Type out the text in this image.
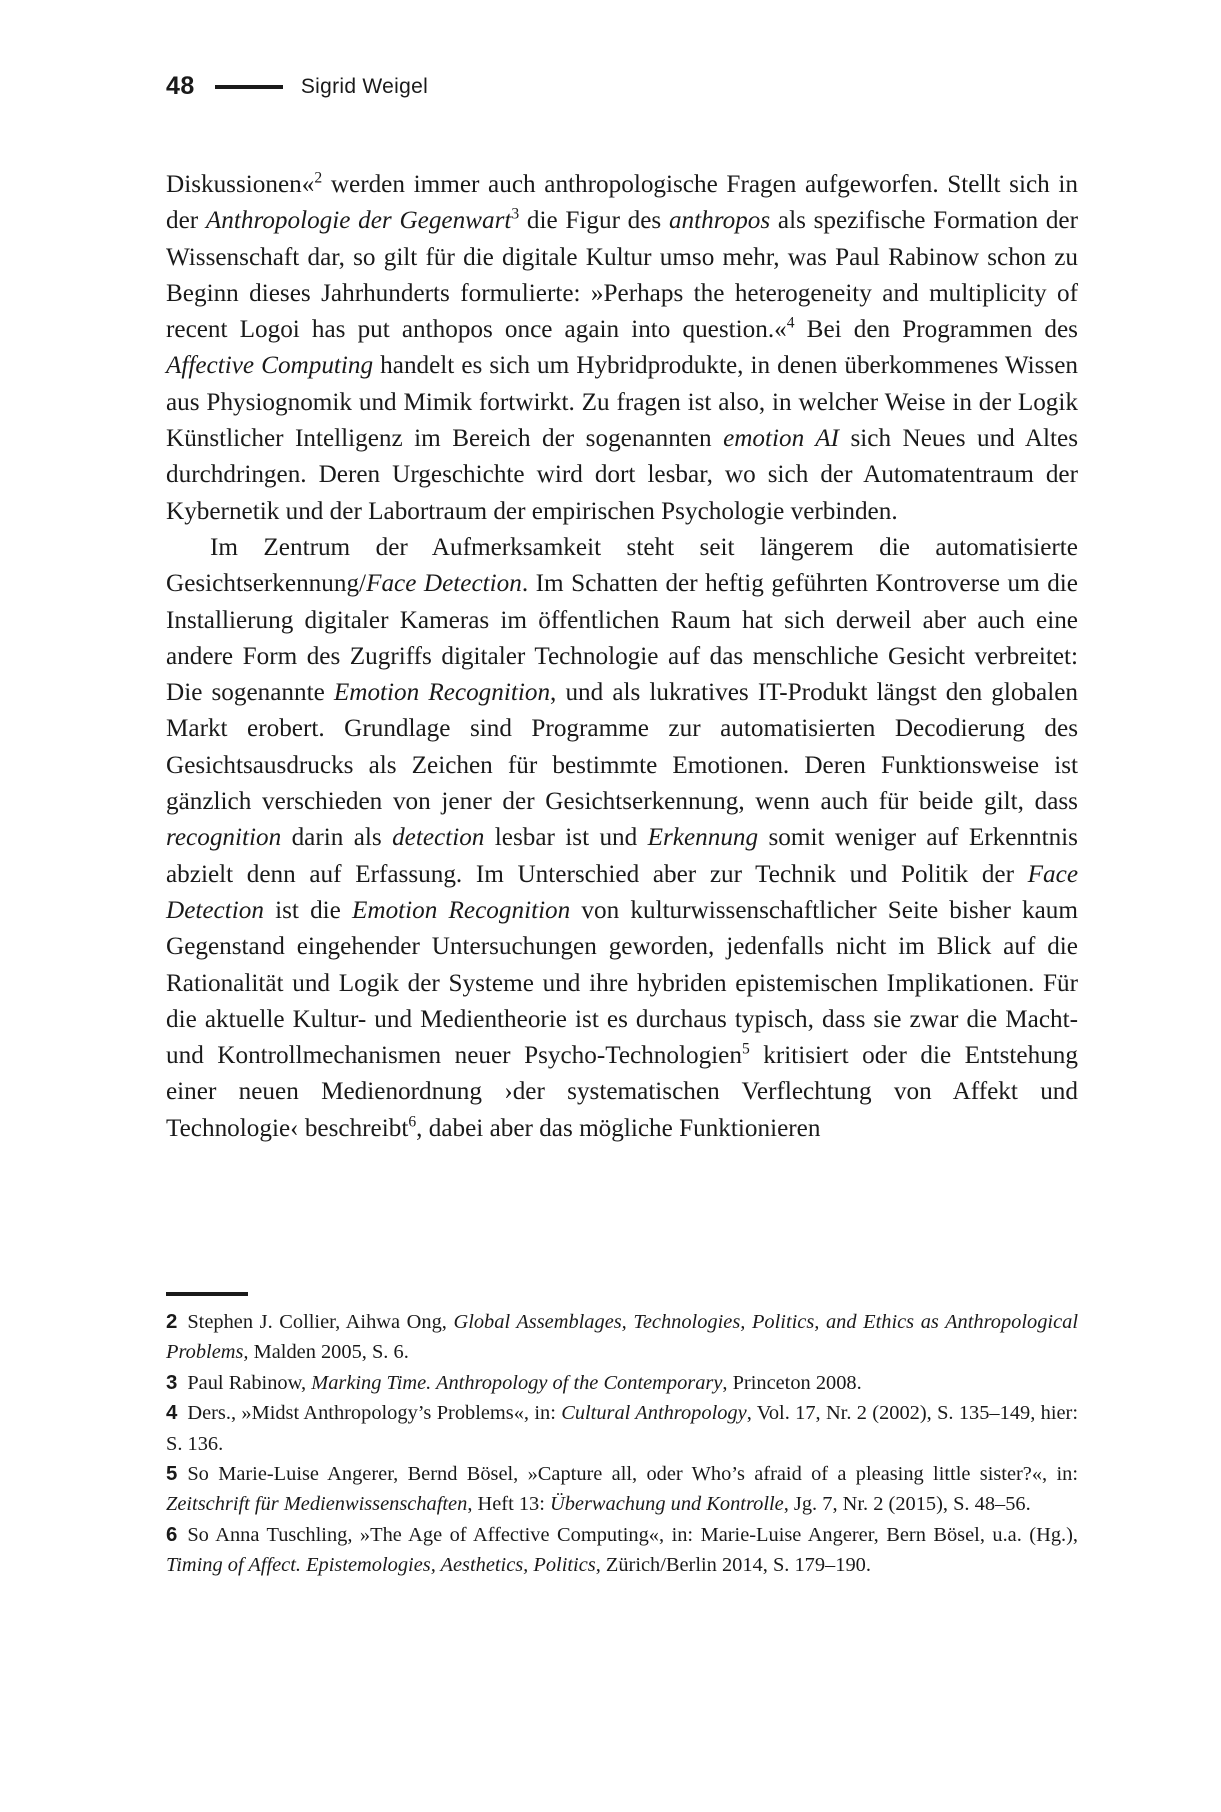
48	Sigrid Weigel

Diskussionen«$^2$ werden immer auch anthropologische Fragen aufgeworfen. Stellt sich in der Anthropologie der Gegenwart$^3$ die Figur des anthropos als spezifische Formation der Wissenschaft dar, so gilt für die digitale Kultur umso mehr, was Paul Rabinow schon zu Beginn dieses Jahrhunderts formulierte: »Perhaps the heterogeneity and multiplicity of recent Logoi has put anthopos once again into question.«$^4$ Bei den Programmen des Affective Computing handelt es sich um Hybridprodukte, in denen überkommenes Wissen aus Physiognomik und Mimik fortwirkt. Zu fragen ist also, in welcher Weise in der Logik Künstlicher Intelligenz im Bereich der sogenannten emotion AI sich Neues und Altes durchdringen. Deren Urgeschichte wird dort lesbar, wo sich der Automatentraum der Kybernetik und der Labortraum der empirischen Psychologie verbinden.

Im Zentrum der Aufmerksamkeit steht seit längerem die automatisierte Gesichtserkennung/Face Detection. Im Schatten der heftig geführten Kontroverse um die Installierung digitaler Kameras im öffentlichen Raum hat sich derweil aber auch eine andere Form des Zugriffs digitaler Technologie auf das menschliche Gesicht verbreitet: Die sogenannte Emotion Recognition, und als lukratives IT-Produkt längst den globalen Markt erobert. Grundlage sind Programme zur automatisierten Decodierung des Gesichtsausdrucks als Zeichen für bestimmte Emotionen. Deren Funktionsweise ist gänzlich verschieden von jener der Gesichtserkennung, wenn auch für beide gilt, dass recognition darin als detection lesbar ist und Erkennung somit weniger auf Erkenntnis abzielt denn auf Erfassung. Im Unterschied aber zur Technik und Politik der Face Detection ist die Emotion Recognition von kulturwissenschaftlicher Seite bisher kaum Gegenstand eingehender Untersuchungen geworden, jedenfalls nicht im Blick auf die Rationalität und Logik der Systeme und ihre hybriden epistemischen Implikationen. Für die aktuelle Kultur- und Medientheorie ist es durchaus typisch, dass sie zwar die Macht- und Kontrollmechanismen neuer Psycho-Technologien$^5$ kritisiert oder die Entstehung einer neuen Medienordnung ›der systematischen Verflechtung von Affekt und Technologie‹ beschreibt$^6$, dabei aber das mögliche Funktionieren

2 Stephen J. Collier, Aihwa Ong, Global Assemblages, Technologies, Politics, and Ethics as Anthropological Problems, Malden 2005, S. 6.

3 Paul Rabinow, Marking Time. Anthropology of the Contemporary, Princeton 2008.

4 Ders., »Midst Anthropology’s Problems«, in: Cultural Anthropology, Vol. 17, Nr. 2 (2002), S. 135–149, hier: S. 136.

5 So Marie-Luise Angerer, Bernd Bösel, »Capture all, oder Who’s afraid of a pleasing little sister?«, in: Zeitschrift für Medienwissenschaften, Heft 13: Überwachung und Kontrolle, Jg. 7, Nr. 2 (2015), S. 48–56.

6 So Anna Tuschling, »The Age of Affective Computing«, in: Marie-Luise Angerer, Bern Bösel, u.a. (Hg.), Timing of Affect. Epistemologies, Aesthetics, Politics, Zürich/Berlin 2014, S. 179–190.
